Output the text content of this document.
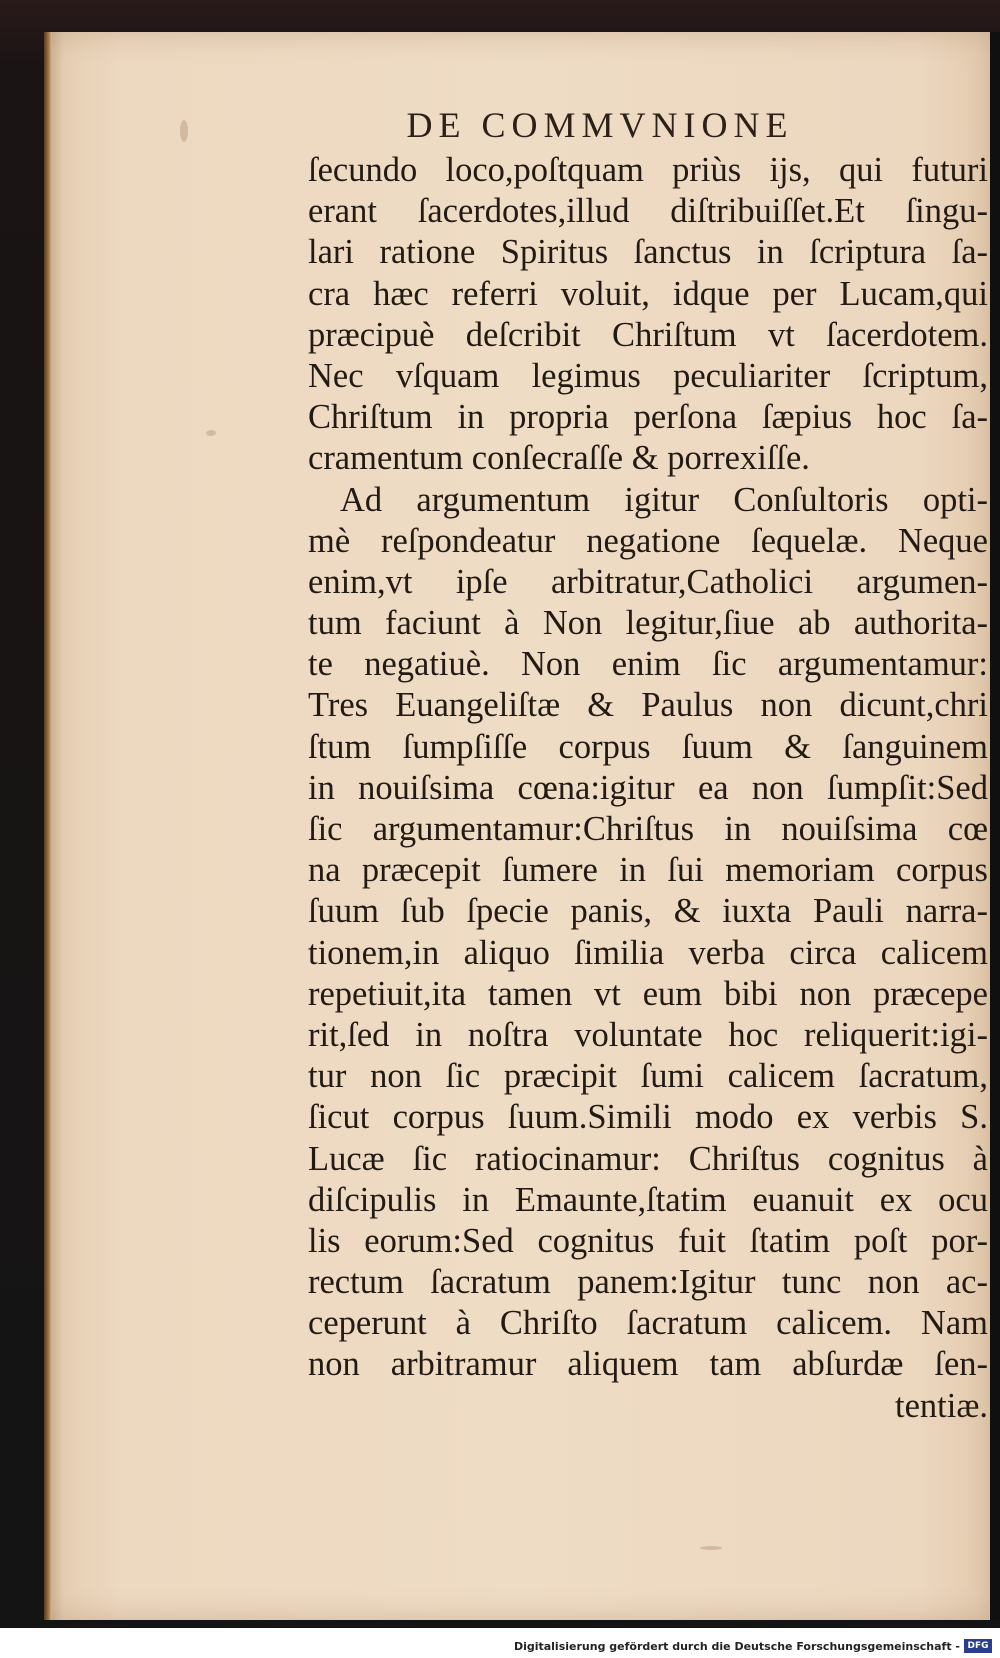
DE COMMVNIONE
ſecundo loco,poſtquam priùs ijs, qui futuri
erant ſacerdotes,illud diſtribuiſſet.Et ſingu-
lari ratione Spiritus ſanctus in ſcriptura ſa-
cra hæc referri voluit, idque per Lucam,qui
præcipuè deſcribit Chriſtum vt ſacerdotem.
Nec vſquam legimus peculiariter ſcriptum,
Chriſtum in propria perſona ſæpius hoc ſa-
cramentum conſecraſſe & porrexiſſe.
Ad argumentum igitur Conſultoris opti-
mè reſpondeatur negatione ſequelæ. Neque
enim,vt ipſe arbitratur,Catholici argumen-
tum faciunt à Non legitur,ſiue ab authorita-
te negatiuè. Non enim ſic argumentamur:
Tres Euangeliſtæ & Paulus non dicunt,chri
ſtum ſumpſiſſe corpus ſuum & ſanguinem
in nouiſsima cœna:igitur ea non ſumpſit:Sed
ſic argumentamur:Chriſtus in nouiſsima cœ
na præcepit ſumere in ſui memoriam corpus
ſuum ſub ſpecie panis, & iuxta Pauli narra-
tionem,in aliquo ſimilia verba circa calicem
repetiuit,ita tamen vt eum bibi non præcepe
rit,ſed in noſtra voluntate hoc reliquerit:igi-
tur non ſic præcipit ſumi calicem ſacratum,
ſicut corpus ſuum.Simili modo ex verbis S.
Lucæ ſic ratiocinamur: Chriſtus cognitus à
diſcipulis in Emaunte,ſtatim euanuit ex ocu
lis eorum:Sed cognitus fuit ſtatim poſt por-
rectum ſacratum panem:Igitur tunc non ac-
ceperunt à Chriſto ſacratum calicem. Nam
non arbitramur aliquem tam abſurdæ ſen-
tentiæ.
Digitalisierung gefördert durch die Deutsche Forschungsgemeinschaft - DFG
